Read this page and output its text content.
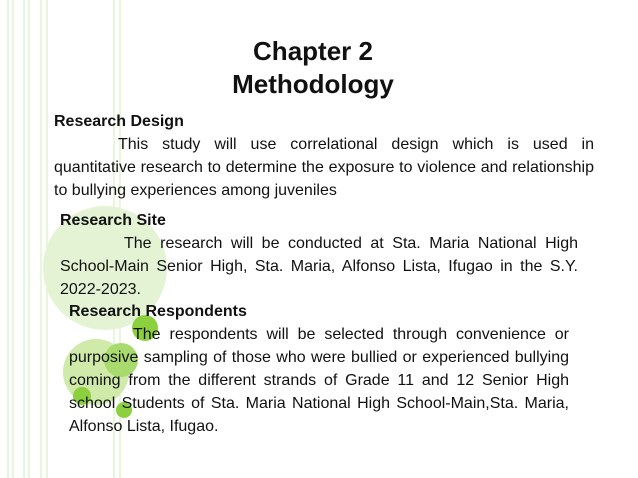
Chapter 2
Methodology
Research Design

This study will use correlational design which is used in quantitative research to determine the exposure to violence and relationship to bullying experiences among juveniles

Research Site

The research will be conducted at Sta. Maria National High School-Main Senior High, Sta. Maria, Alfonso Lista, Ifugao in the S.Y. 2022-2023.

Research Respondents

The respondents will be selected through convenience or purposive sampling of those who were bullied or experienced bullying coming from the different strands of Grade 11 and 12 Senior High school Students of Sta. Maria National High School-Main,Sta. Maria, Alfonso Lista, Ifugao.
